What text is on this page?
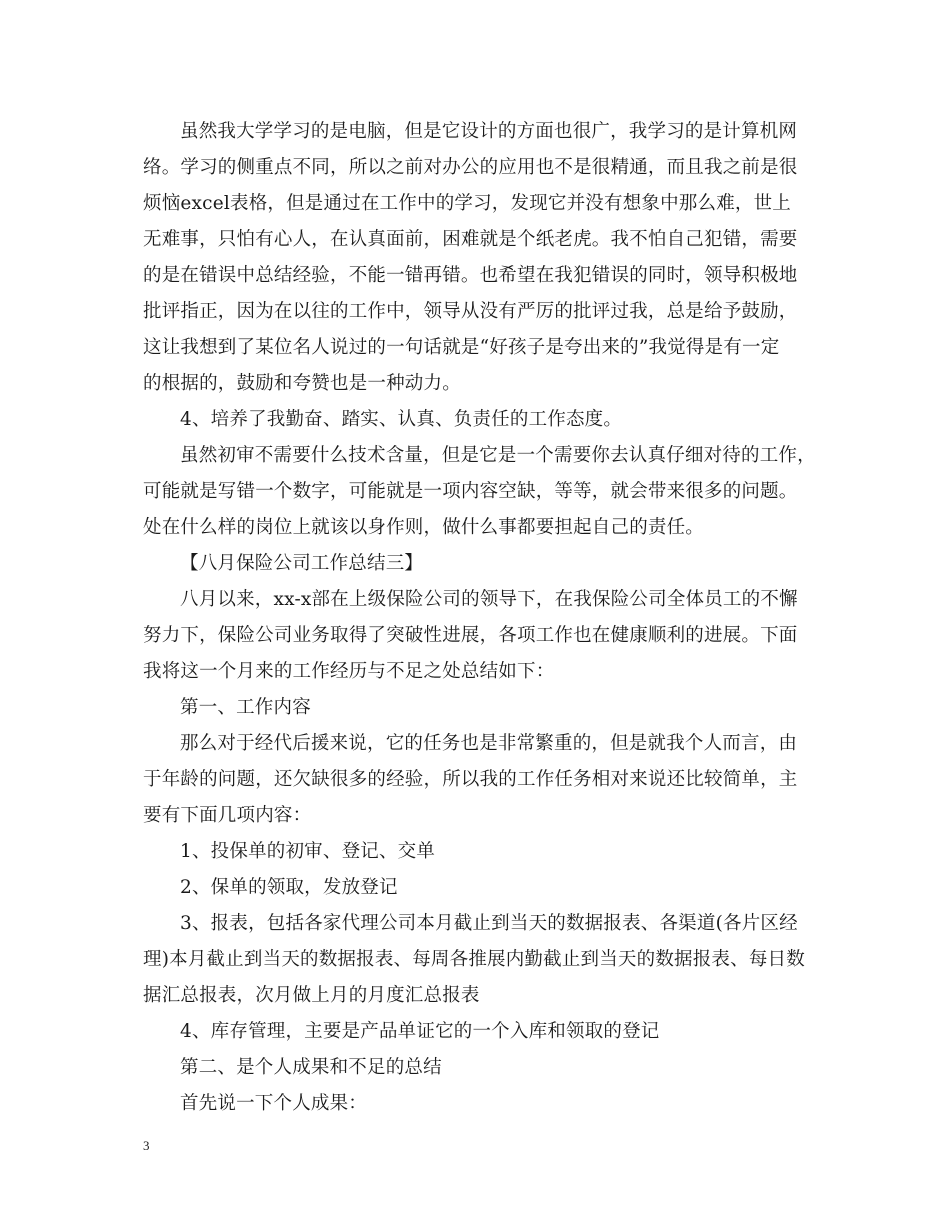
虽然我大学学习的是电脑，但是它设计的方面也很广，我学习的是计算机网
络。学习的侧重点不同，所以之前对办公的应用也不是很精通，而且我之前是很
烦恼excel表格，但是通过在工作中的学习，发现它并没有想象中那么难，世上
无难事，只怕有心人，在认真面前，困难就是个纸老虎。我不怕自己犯错，需要
的是在错误中总结经验，不能一错再错。也希望在我犯错误的同时，领导积极地
批评指正，因为在以往的工作中，领导从没有严厉的批评过我，总是给予鼓励，
这让我想到了某位名人说过的一句话就是“好孩子是夸出来的”我觉得是有一定
的根据的，鼓励和夸赞也是一种动力。
4、培养了我勤奋、踏实、认真、负责任的工作态度。
虽然初审不需要什么技术含量，但是它是一个需要你去认真仔细对待的工作，
可能就是写错一个数字，可能就是一项内容空缺，等等，就会带来很多的问题。
处在什么样的岗位上就该以身作则，做什么事都要担起自己的责任。
【八月保险公司工作总结三】
八月以来，xx-x部在上级保险公司的领导下，在我保险公司全体员工的不懈
努力下，保险公司业务取得了突破性进展，各项工作也在健康顺利的进展。下面
我将这一个月来的工作经历与不足之处总结如下：
第一、工作内容
那么对于经代后援来说，它的任务也是非常繁重的，但是就我个人而言，由
于年龄的问题，还欠缺很多的经验，所以我的工作任务相对来说还比较简单，主
要有下面几项内容：
1、投保单的初审、登记、交单
2、保单的领取，发放登记
3、报表，包括各家代理公司本月截止到当天的数据报表、各渠道(各片区经
理)本月截止到当天的数据报表、每周各推展内勤截止到当天的数据报表、每日数
据汇总报表，次月做上月的月度汇总报表
4、库存管理，主要是产品单证它的一个入库和领取的登记
第二、是个人成果和不足的总结
首先说一下个人成果：
3
